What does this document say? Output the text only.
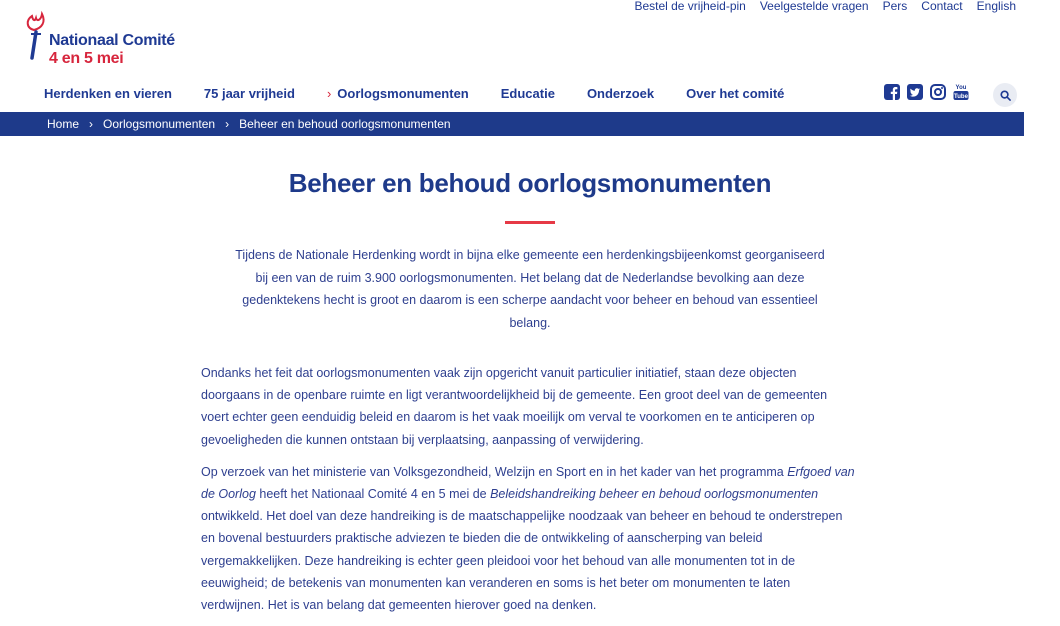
Bestel de vrijheid-pin Veelgestelde vragen Pers Contact English
Nationaal Comité
4 en 5 mei
Herdenken en vieren 75 jaar vrijheid › Oorlogsmonumenten Educatie Onderzoek Over het comité	You
Tube
Home › Oorlogsmonumenten › Beheer en behoud oorlogsmonumenten
Beheer en behoud oorlogsmonumenten

Tijdens de Nationale Herdenking wordt in bijna elke gemeente een herdenkingsbijeenkomst georganiseerd bij een van de ruim 3.900 oorlogsmonumenten. Het belang dat de Nederlandse bevolking aan deze gedenktekens hecht is groot en daarom is een scherpe aandacht voor beheer en behoud van essentieel belang.

Ondanks het feit dat oorlogsmonumenten vaak zijn opgericht vanuit particulier initiatief, staan deze objecten doorgaans in de openbare ruimte en ligt verantwoordelijkheid bij de gemeente. Een groot deel van de gemeenten voert echter geen eenduidig beleid en daarom is het vaak moeilijk om verval te voorkomen en te anticiperen op gevoeligheden die kunnen ontstaan bij verplaatsing, aanpassing of verwijdering.

Op verzoek van het ministerie van Volksgezondheid, Welzijn en Sport en in het kader van het programma Erfgoed van de Oorlog heeft het Nationaal Comité 4 en 5 mei de Beleidshandreiking beheer en behoud oorlogsmonumenten ontwikkeld. Het doel van deze handreiking is de maatschappelijke noodzaak van beheer en behoud te onderstrepen en bovenal bestuurders praktische adviezen te bieden die de ontwikkeling of aanscherping van beleid vergemakkelijken. Deze handreiking is echter geen pleidooi voor het behoud van alle monumenten tot in de eeuwigheid; de betekenis van monumenten kan veranderen en soms is het beter om monumenten te laten verdwijnen. Het is van belang dat gemeenten hierover goed na denken.
